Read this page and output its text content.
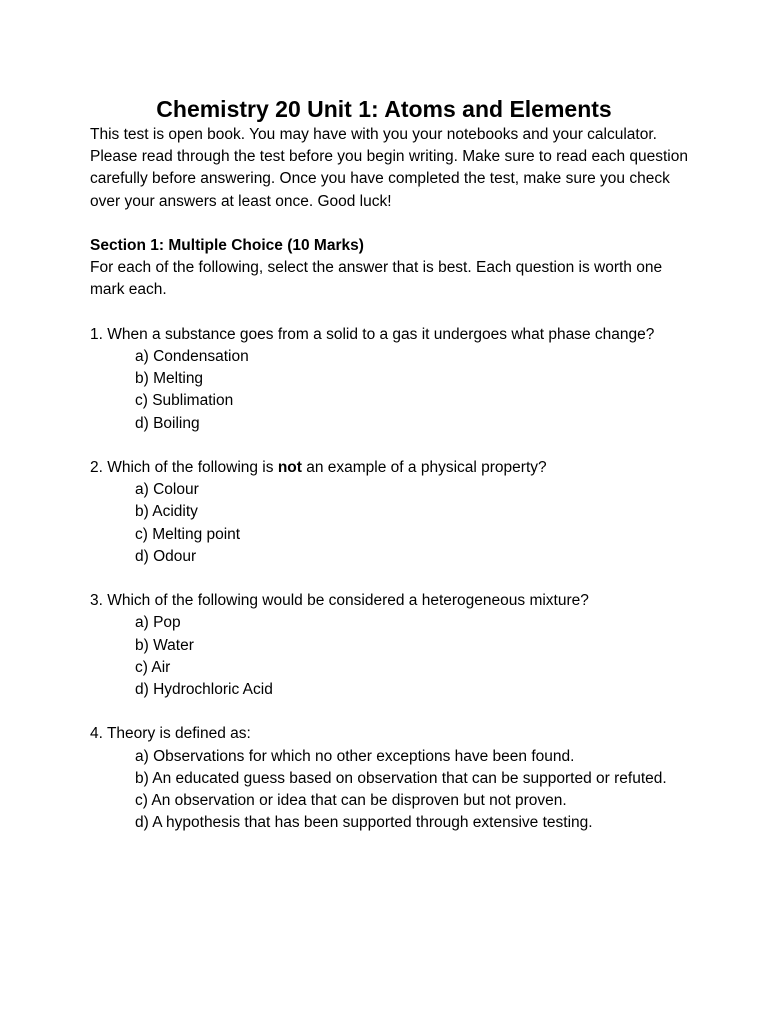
Chemistry 20 Unit 1: Atoms and Elements

This test is open book. You may have with you your notebooks and your calculator. Please read through the test before you begin writing. Make sure to read each question carefully before answering. Once you have completed the test, make sure you check over your answers at least once. Good luck!

Section 1: Multiple Choice (10 Marks)

For each of the following, select the answer that is best. Each question is worth one mark each.

1. When a substance goes from a solid to a gas it undergoes what phase change?

a) Condensation
b) Melting
c) Sublimation
d) Boiling

2. Which of the following is not an example of a physical property?

a) Colour
b) Acidity
c) Melting point
d) Odour

3. Which of the following would be considered a heterogeneous mixture?

a) Pop
b) Water
c) Air
d) Hydrochloric Acid

4. Theory is defined as:

a) Observations for which no other exceptions have been found.
b) An educated guess based on observation that can be supported or refuted.
c) An observation or idea that can be disproven but not proven.
d) A hypothesis that has been supported through extensive testing.
